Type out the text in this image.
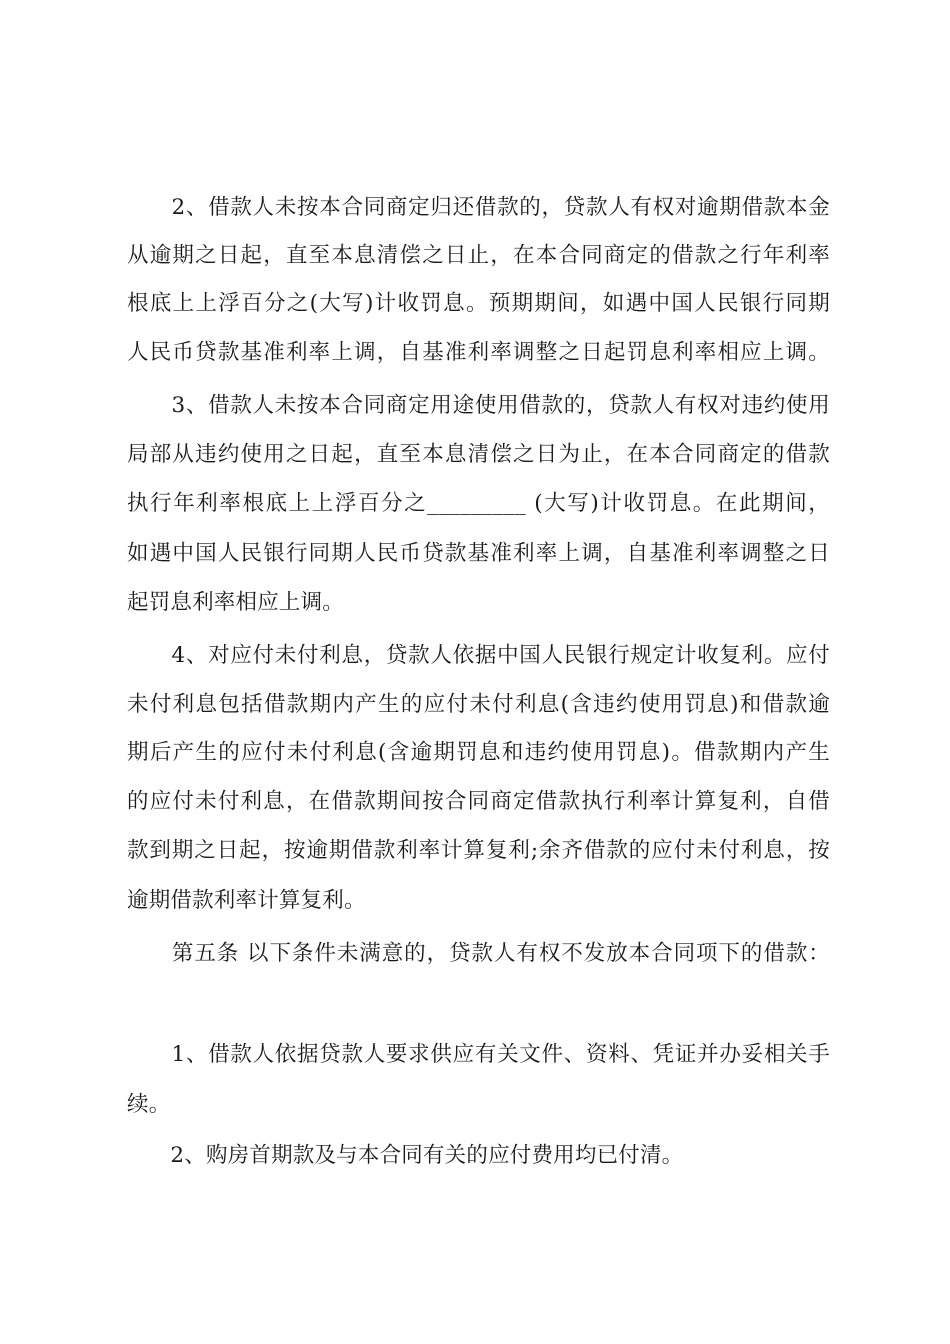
　　2、借款人未按本合同商定归还借款的，贷款人有权对逾期借款本金
从逾期之日起，直至本息清偿之日止，在本合同商定的借款之行年利率
根底上上浮百分之(大写)计收罚息。预期期间，如遇中国人民银行同期
人民币贷款基准利率上调，自基准利率调整之日起罚息利率相应上调。
　　3、借款人未按本合同商定用途使用借款的，贷款人有权对违约使用
局部从违约使用之日起，直至本息清偿之日为止，在本合同商定的借款
执行年利率根底上上浮百分之_________ (大写)计收罚息。在此期间，
如遇中国人民银行同期人民币贷款基准利率上调，自基准利率调整之日
起罚息利率相应上调。
　　4、对应付未付利息，贷款人依据中国人民银行规定计收复利。应付
未付利息包括借款期内产生的应付未付利息(含违约使用罚息)和借款逾
期后产生的应付未付利息(含逾期罚息和违约使用罚息)。借款期内产生
的应付未付利息，在借款期间按合同商定借款执行利率计算复利，自借
款到期之日起，按逾期借款利率计算复利;余齐借款的应付未付利息，按
逾期借款利率计算复利。
　　第五条 以下条件未满意的，贷款人有权不发放本合同项下的借款：
　　1、借款人依据贷款人要求供应有关文件、资料、凭证并办妥相关手
续。
　　2、购房首期款及与本合同有关的应付费用均已付清。
